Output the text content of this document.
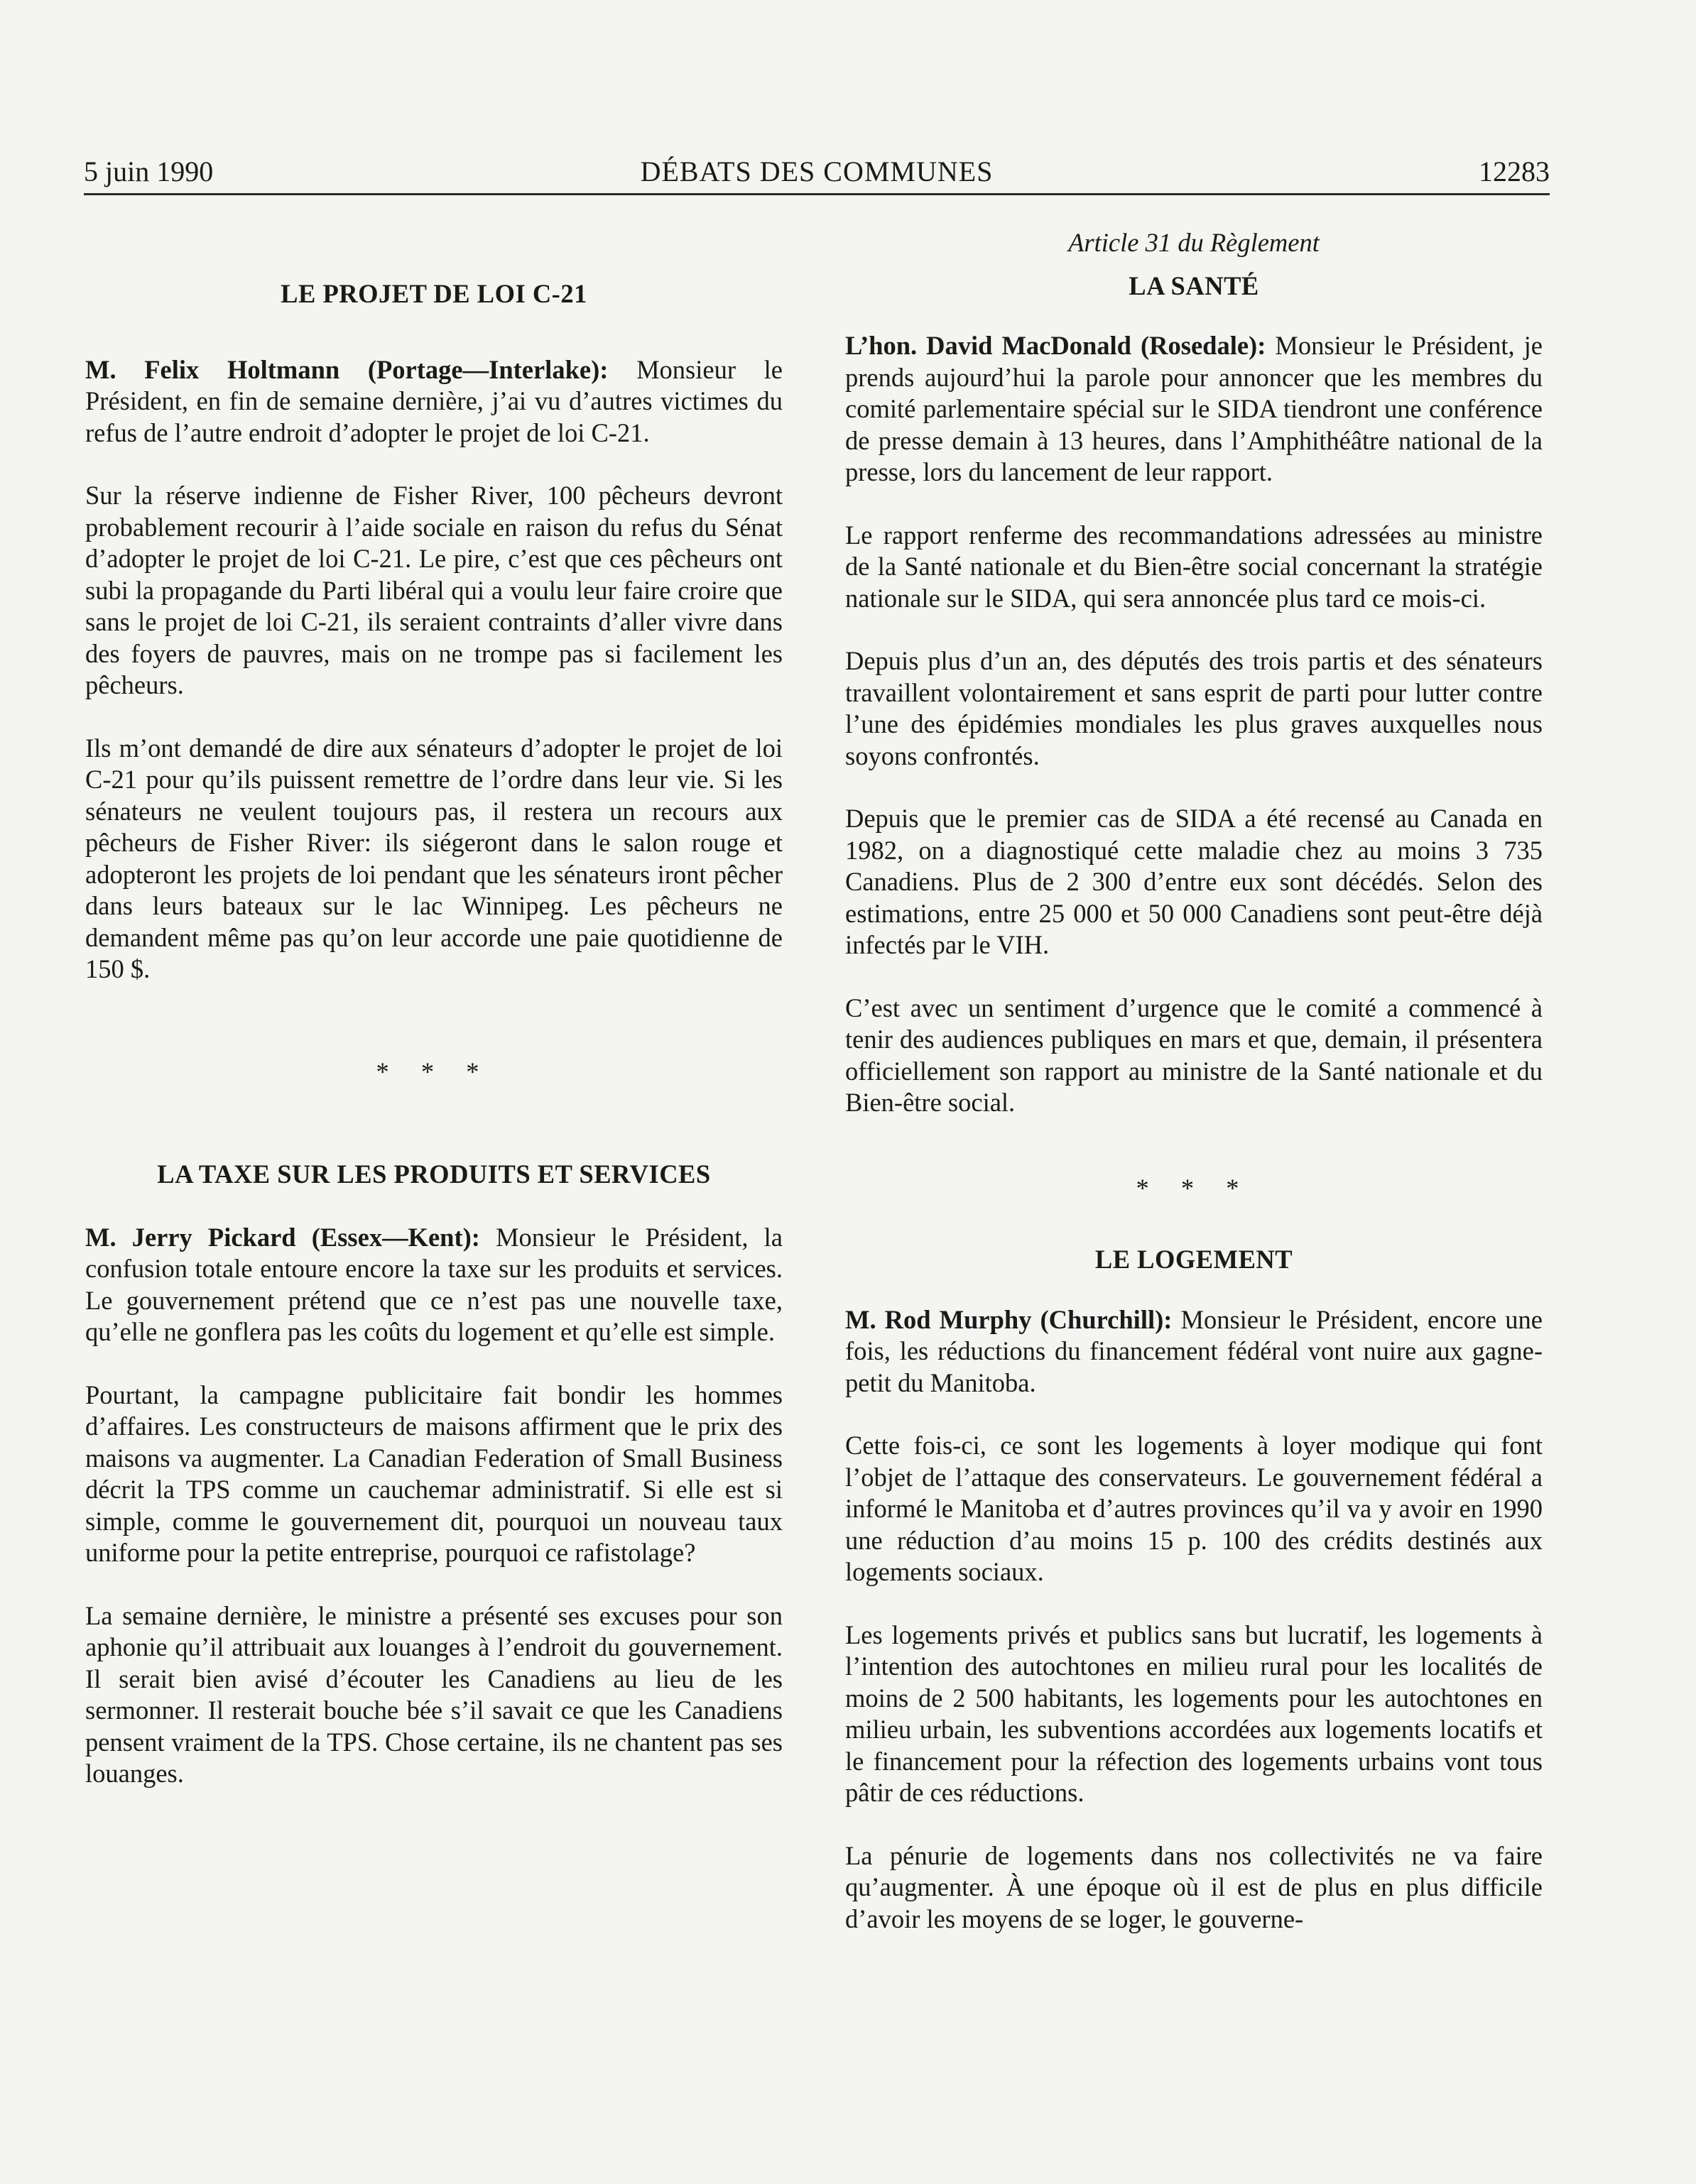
5 juin 1990	DÉBATS DES COMMUNES	12283
LE PROJET DE LOI C-21

M. Felix Holtmann (Portage—Interlake): Monsieur le Président, en fin de semaine dernière, j’ai vu d’autres victimes du refus de l’autre endroit d’adopter le projet de loi C-21.

Sur la réserve indienne de Fisher River, 100 pêcheurs devront probablement recourir à l’aide sociale en raison du refus du Sénat d’adopter le projet de loi C-21. Le pire, c’est que ces pêcheurs ont subi la propagande du Parti libéral qui a voulu leur faire croire que sans le projet de loi C-21, ils seraient contraints d’aller vivre dans des foyers de pauvres, mais on ne trompe pas si facilement les pêcheurs.

Ils m’ont demandé de dire aux sénateurs d’adopter le projet de loi C-21 pour qu’ils puissent remettre de l’ordre dans leur vie. Si les sénateurs ne veulent toujours pas, il restera un recours aux pêcheurs de Fisher River: ils siégeront dans le salon rouge et adopteront les projets de loi pendant que les sénateurs iront pêcher dans leurs bateaux sur le lac Winnipeg. Les pêcheurs ne demandent même pas qu’on leur accorde une paie quotidienne de 150 $.

* * *
LA TAXE SUR LES PRODUITS ET SERVICES

M. Jerry Pickard (Essex—Kent): Monsieur le Président, la confusion totale entoure encore la taxe sur les produits et services. Le gouvernement prétend que ce n’est pas une nouvelle taxe, qu’elle ne gonflera pas les coûts du logement et qu’elle est simple.

Pourtant, la campagne publicitaire fait bondir les hommes d’affaires. Les constructeurs de maisons affirment que le prix des maisons va augmenter. La Canadian Federation of Small Business décrit la TPS comme un cauchemar administratif. Si elle est si simple, comme le gouvernement dit, pourquoi un nouveau taux uniforme pour la petite entreprise, pourquoi ce rafistolage?

La semaine dernière, le ministre a présenté ses excuses pour son aphonie qu’il attribuait aux louanges à l’endroit du gouvernement. Il serait bien avisé d’écouter les Canadiens au lieu de les sermonner. Il resterait bouche bée s’il savait ce que les Canadiens pensent vraiment de la TPS. Chose certaine, ils ne chantent pas ses louanges.

Article 31 du Règlement
LA SANTÉ

L’hon. David MacDonald (Rosedale): Monsieur le Président, je prends aujourd’hui la parole pour annoncer que les membres du comité parlementaire spécial sur le SIDA tiendront une conférence de presse demain à 13 heures, dans l’Amphithéâtre national de la presse, lors du lancement de leur rapport.

Le rapport renferme des recommandations adressées au ministre de la Santé nationale et du Bien-être social concernant la stratégie nationale sur le SIDA, qui sera annoncée plus tard ce mois-ci.

Depuis plus d’un an, des députés des trois partis et des sénateurs travaillent volontairement et sans esprit de parti pour lutter contre l’une des épidémies mondiales les plus graves auxquelles nous soyons confrontés.

Depuis que le premier cas de SIDA a été recensé au Canada en 1982, on a diagnostiqué cette maladie chez au moins 3 735 Canadiens. Plus de 2 300 d’entre eux sont décédés. Selon des estimations, entre 25 000 et 50 000 Canadiens sont peut-être déjà infectés par le VIH.

C’est avec un sentiment d’urgence que le comité a commencé à tenir des audiences publiques en mars et que, demain, il présentera officiellement son rapport au ministre de la Santé nationale et du Bien-être social.

* * *
LE LOGEMENT

M. Rod Murphy (Churchill): Monsieur le Président, encore une fois, les réductions du financement fédéral vont nuire aux gagne-petit du Manitoba.

Cette fois-ci, ce sont les logements à loyer modique qui font l’objet de l’attaque des conservateurs. Le gouvernement fédéral a informé le Manitoba et d’autres provinces qu’il va y avoir en 1990 une réduction d’au moins 15 p. 100 des crédits destinés aux logements sociaux.

Les logements privés et publics sans but lucratif, les logements à l’intention des autochtones en milieu rural pour les localités de moins de 2 500 habitants, les logements pour les autochtones en milieu urbain, les subventions accordées aux logements locatifs et le financement pour la réfection des logements urbains vont tous pâtir de ces réductions.

La pénurie de logements dans nos collectivités ne va faire qu’augmenter. À une époque où il est de plus en plus difficile d’avoir les moyens de se loger, le gouverne-
